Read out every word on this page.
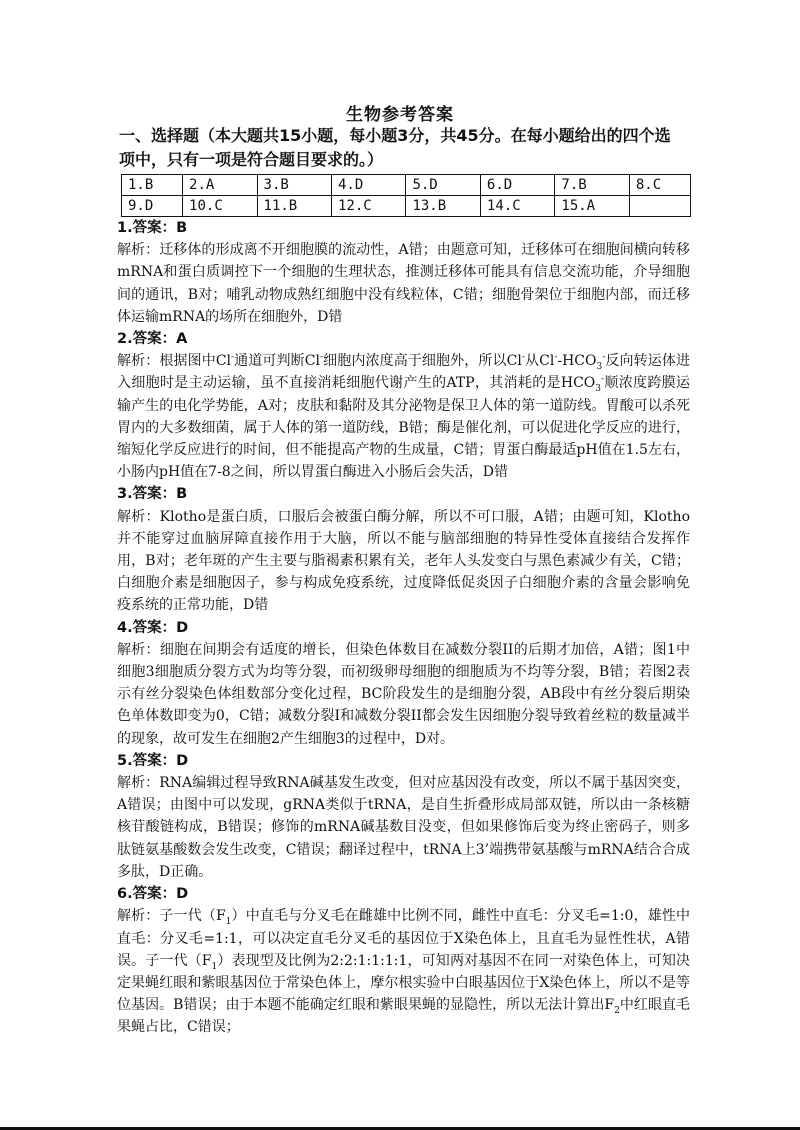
生物参考答案
一、选择题（本大题共15小题，每小题3分，共45分。在每小题给出的四个选项中，只有一项是符合题目要求的。）
1.B	2.A	3.B	4.D	5.D	6.D	7.B	8.C
9.D	10.C	11.B	12.C	13.B	14.C	15.A	

1.答案：B

解析：迁移体的形成离不开细胞膜的流动性，A错；由题意可知，迁移体可在细胞间横向转移mRNA和蛋白质调控下一个细胞的生理状态，推测迁移体可能具有信息交流功能，介导细胞间的通讯，B对；哺乳动物成熟红细胞中没有线粒体，C错；细胞骨架位于细胞内部，而迁移体运输mRNA的场所在细胞外，D错

2.答案：A

解析：根据图中Cl-通道可判断Cl-细胞内浓度高于细胞外，所以Cl-从$Cl^--HCO_3^-$反向转运体进入细胞时是主动运输，虽不直接消耗细胞代谢产生的ATP，其消耗的是$HCO_3^-$顺浓度跨膜运输产生的电化学势能，A对；皮肤和黏附及其分泌物是保卫人体的第一道防线。胃酸可以杀死胃内的大多数细菌，属于人体的第一道防线，B错；酶是催化剂，可以促进化学反应的进行，缩短化学反应进行的时间，但不能提高产物的生成量，C错；胃蛋白酶最适pH值在1.5左右，小肠内pH值在7-8之间，所以胃蛋白酶进入小肠后会失活，D错

3.答案：B

解析：Klotho是蛋白质，口服后会被蛋白酶分解，所以不可口服，A错；由题可知，Klotho并不能穿过血脑屏障直接作用于大脑，所以不能与脑部细胞的特异性受体直接结合发挥作用，B对；老年斑的产生主要与脂褐素积累有关，老年人头发变白与黑色素减少有关，C错；白细胞介素是细胞因子，参与构成免疫系统，过度降低促炎因子白细胞介素的含量会影响免疫系统的正常功能，D错

4.答案：D

解析：细胞在间期会有适度的增长，但染色体数目在减数分裂II的后期才加倍，A错；图1中细胞3细胞质分裂方式为均等分裂，而初级卵母细胞的细胞质为不均等分裂，B错；若图2表示有丝分裂染色体组数部分变化过程，BC阶段发生的是细胞分裂，AB段中有丝分裂后期染色单体数即变为0，C错；减数分裂I和减数分裂II都会发生因细胞分裂导致着丝粒的数量减半的现象，故可发生在细胞2产生细胞3的过程中，D对。

5.答案：D

解析：RNA编辑过程导致RNA碱基发生改变，但对应基因没有改变，所以不属于基因突变，A错误；由图中可以发现，gRNA类似于tRNA，是自生折叠形成局部双链，所以由一条核糖核苷酸链构成，B错误；修饰的mRNA碱基数目没变，但如果修饰后变为终止密码子，则多肽链氨基酸数会发生改变，C错误；翻译过程中，tRNA上3’端携带氨基酸与mRNA结合合成多肽，D正确。

6.答案：D

解析：子一代$(F_1)$中直毛与分叉毛在雌雄中比例不同，雌性中直毛：分叉毛=1:0，雄性中直毛：分叉毛=1:1，可以决定直毛分叉毛的基因位于X染色体上，且直毛为显性性状，A错误。子一代$(F_1)$表现型及比例为2:2:1:1:1:1，可知两对基因不在同一对染色体上，可知决定果蝇红眼和紫眼基因位于常染色体上，摩尔根实验中白眼基因位于X染色体上，所以不是等位基因。B错误；由于本题不能确定红眼和紫眼果蝇的显隐性，所以无法计算出$F_2$中红眼直毛果蝇占比，C错误；
